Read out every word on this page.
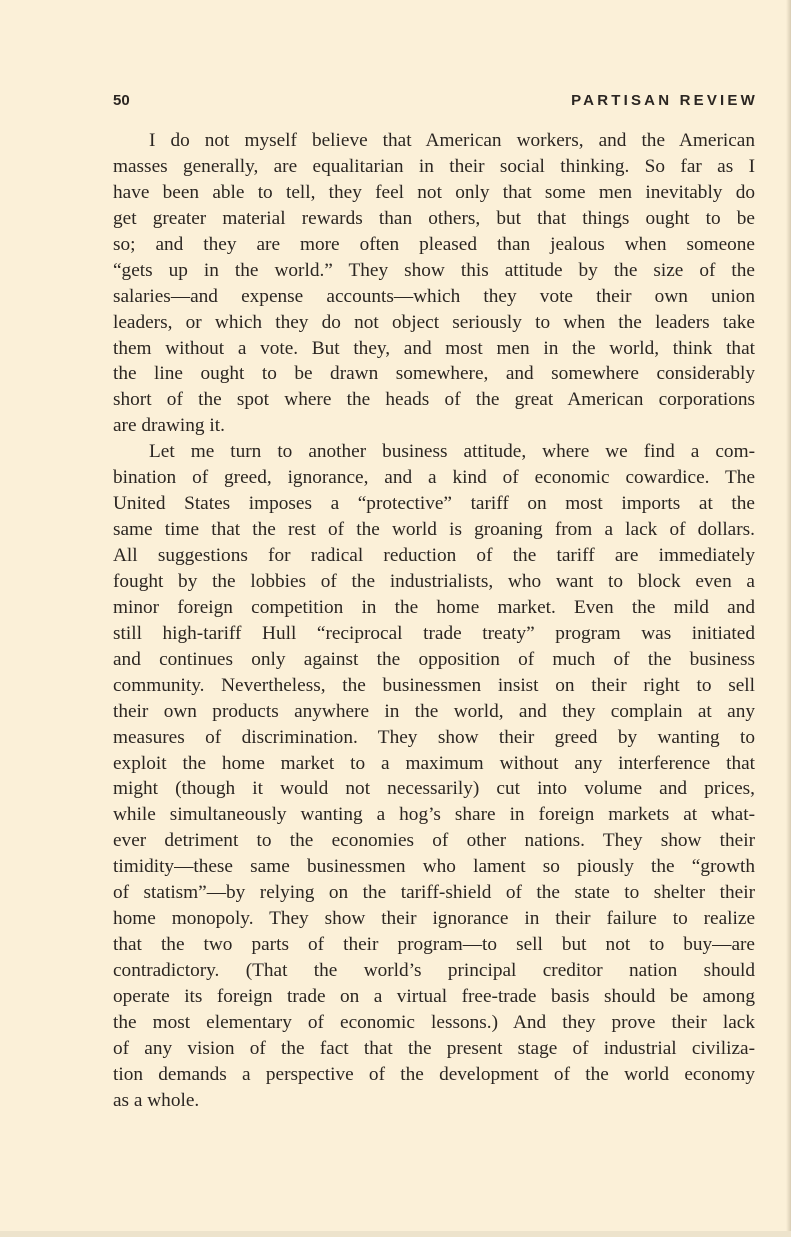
50	PARTISAN REVIEW
I do not myself believe that American workers, and the American
masses generally, are equalitarian in their social thinking. So far as I
have been able to tell, they feel not only that some men inevitably do
get greater material rewards than others, but that things ought to be
so; and they are more often pleased than jealous when someone
“gets up in the world.” They show this attitude by the size of the
salaries—and expense accounts—which they vote their own union
leaders, or which they do not object seriously to when the leaders take
them without a vote. But they, and most men in the world, think that
the line ought to be drawn somewhere, and somewhere considerably
short of the spot where the heads of the great American corporations
are drawing it.
Let me turn to another business attitude, where we find a com-
bination of greed, ignorance, and a kind of economic cowardice. The
United States imposes a “protective” tariff on most imports at the
same time that the rest of the world is groaning from a lack of dollars.
All suggestions for radical reduction of the tariff are immediately
fought by the lobbies of the industrialists, who want to block even a
minor foreign competition in the home market. Even the mild and
still high-tariff Hull “reciprocal trade treaty” program was initiated
and continues only against the opposition of much of the business
community. Nevertheless, the businessmen insist on their right to sell
their own products anywhere in the world, and they complain at any
measures of discrimination. They show their greed by wanting to
exploit the home market to a maximum without any interference that
might (though it would not necessarily) cut into volume and prices,
while simultaneously wanting a hog’s share in foreign markets at what-
ever detriment to the economies of other nations. They show their
timidity—these same businessmen who lament so piously the “growth
of statism”—by relying on the tariff-shield of the state to shelter their
home monopoly. They show their ignorance in their failure to realize
that the two parts of their program—to sell but not to buy—are
contradictory. (That the world’s principal creditor nation should
operate its foreign trade on a virtual free-trade basis should be among
the most elementary of economic lessons.) And they prove their lack
of any vision of the fact that the present stage of industrial civiliza-
tion demands a perspective of the development of the world economy
as a whole.
